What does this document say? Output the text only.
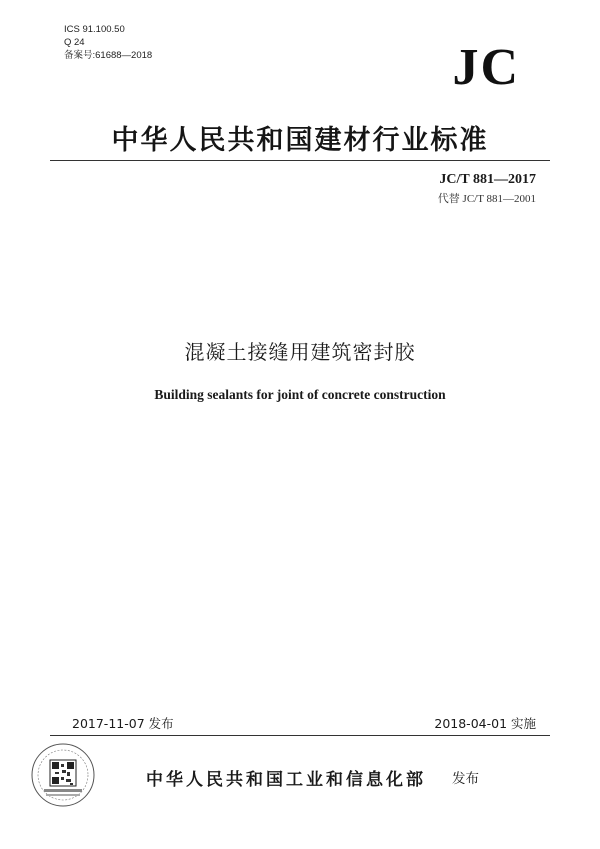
ICS 91.100.50
Q 24
备案号:61688—2018	JC
中华人民共和国建材行业标准
JC/T 881—2017
代替 JC/T 881—2001
混凝土接缝用建筑密封胶
Building sealants for joint of concrete construction
2017-11-07 发布	2018-04-01 实施
中华人民共和国工业和信息化部 发布
